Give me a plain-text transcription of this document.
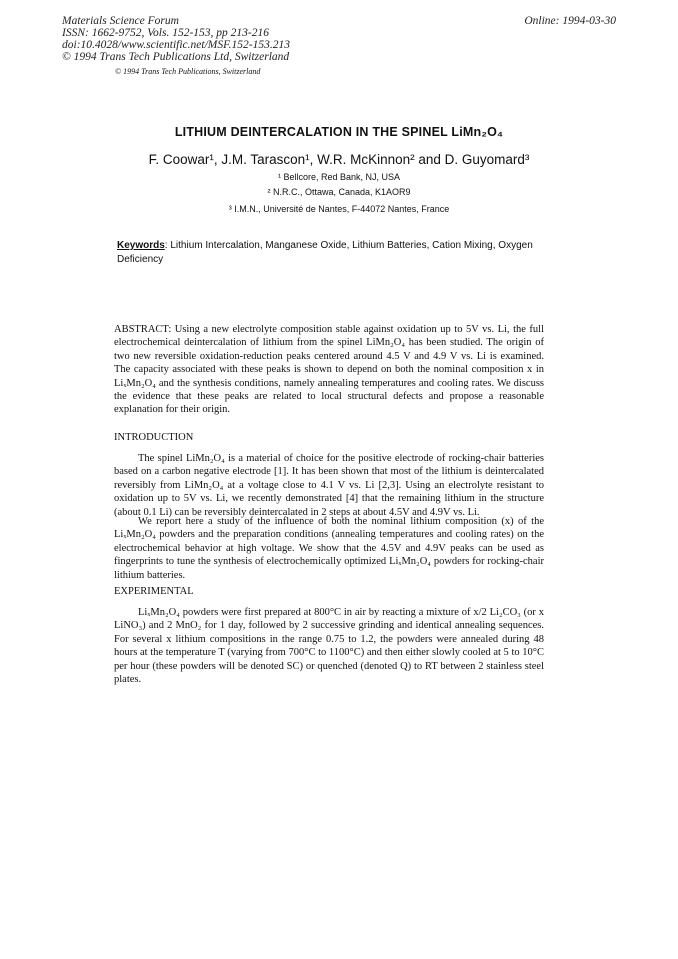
Materials Science Forum
ISSN: 1662-9752, Vols. 152-153, pp 213-216
doi:10.4028/www.scientific.net/MSF.152-153.213
© 1994 Trans Tech Publications Ltd, Switzerland
Online: 1994-03-30
© 1994 Trans Tech Publications, Switzerland
LITHIUM DEINTERCALATION IN THE SPINEL LiMn₂O₄
F. Coowar¹, J.M. Tarascon¹, W.R. McKinnon² and D. Guyomard³
¹ Bellcore, Red Bank, NJ, USA
² N.R.C., Ottawa, Canada, K1AOR9
³ I.M.N., Université de Nantes, F-44072 Nantes, France
Keywords: Lithium Intercalation, Manganese Oxide, Lithium Batteries, Cation Mixing, Oxygen Deficiency
ABSTRACT: Using a new electrolyte composition stable against oxidation up to 5V vs. Li, the full electrochemical deintercalation of lithium from the spinel LiMn₂O₄ has been studied. The origin of two new reversible oxidation-reduction peaks centered around 4.5 V and 4.9 V vs. Li is examined. The capacity associated with these peaks is shown to depend on both the nominal composition x in LiₓMn₂O₄ and the synthesis conditions, namely annealing temperatures and cooling rates. We discuss the evidence that these peaks are related to local structural defects and propose a reasonable explanation for their origin.
INTRODUCTION
The spinel LiMn₂O₄ is a material of choice for the positive electrode of rocking-chair batteries based on a carbon negative electrode [1]. It has been shown that most of the lithium is deintercalated reversibly from LiMn₂O₄ at a voltage close to 4.1 V vs. Li [2,3]. Using an electrolyte resistant to oxidation up to 5V vs. Li, we recently demonstrated [4] that the remaining lithium in the structure (about 0.1 Li) can be reversibly deintercalated in 2 steps at about 4.5V and 4.9V vs. Li.
We report here a study of the influence of both the nominal lithium composition (x) of the LiₓMn₂O₄ powders and the preparation conditions (annealing temperatures and cooling rates) on the electrochemical behavior at high voltage. We show that the 4.5V and 4.9V peaks can be used as fingerprints to tune the synthesis of electrochemically optimized LiₓMn₂O₄ powders for rocking-chair lithium batteries.
EXPERIMENTAL
LiₓMn₂O₄ powders were first prepared at 800°C in air by reacting a mixture of x/2 Li₂CO₃ (or x LiNO₃) and 2 MnO₂ for 1 day, followed by 2 successive grinding and identical annealing sequences. For several x lithium compositions in the range 0.75 to 1.2, the powders were annealed during 48 hours at the temperature T (varying from 700°C to 1100°C) and then either slowly cooled at 5 to 10°C per hour (these powders will be denoted SC) or quenched (denoted Q) to RT between 2 stainless steel plates.
